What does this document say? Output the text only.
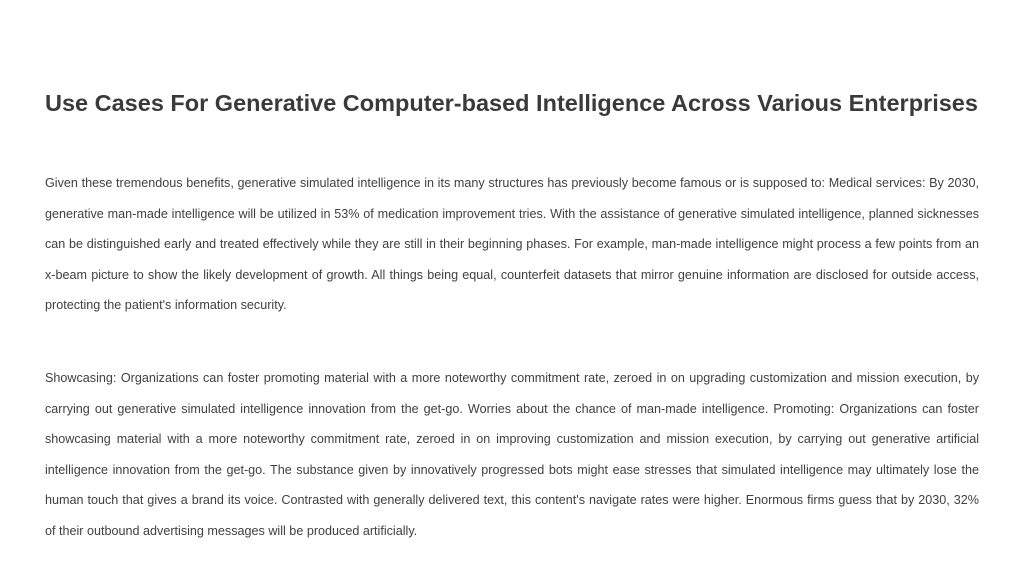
Use Cases For Generative Computer-based Intelligence Across Various Enterprises

Given these tremendous benefits, generative simulated intelligence in its many structures has previously become famous or is supposed to: Medical services: By 2030, generative man-made intelligence will be utilized in 53% of medication improvement tries. With the assistance of generative simulated intelligence, planned sicknesses can be distinguished early and treated effectively while they are still in their beginning phases. For example, man-made intelligence might process a few points from an x-beam picture to show the likely development of growth. All things being equal, counterfeit datasets that mirror genuine information are disclosed for outside access, protecting the patient's information security.

Showcasing: Organizations can foster promoting material with a more noteworthy commitment rate, zeroed in on upgrading customization and mission execution, by carrying out generative simulated intelligence innovation from the get-go. Worries about the chance of man-made intelligence. Promoting: Organizations can foster showcasing material with a more noteworthy commitment rate, zeroed in on improving customization and mission execution, by carrying out generative artificial intelligence innovation from the get-go. The substance given by innovatively progressed bots might ease stresses that simulated intelligence may ultimately lose the human touch that gives a brand its voice. Contrasted with generally delivered text, this content's navigate rates were higher. Enormous firms guess that by 2030, 32% of their outbound advertising messages will be produced artificially.
